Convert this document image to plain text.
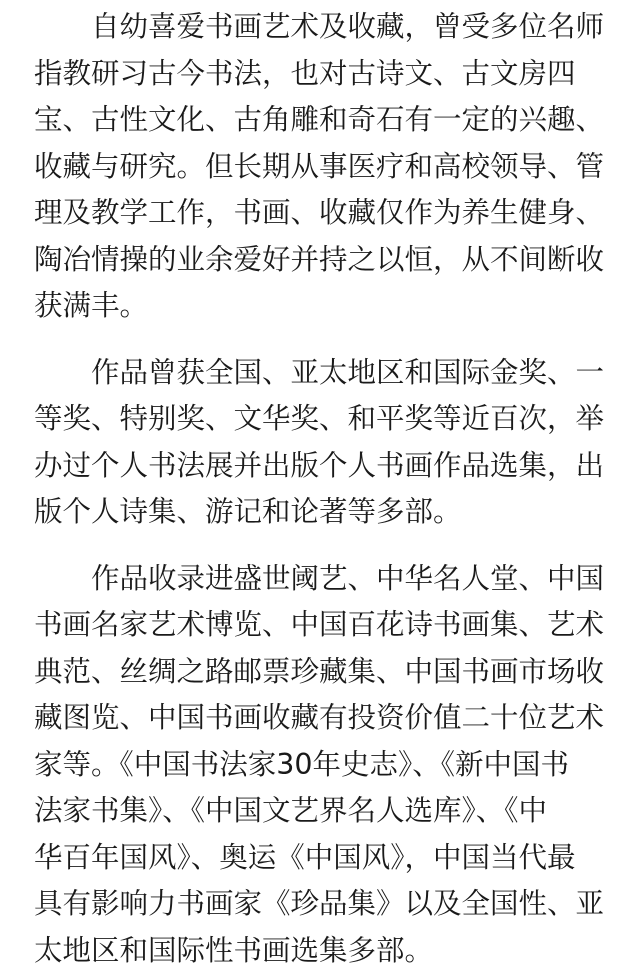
自幼喜爱书画艺术及收藏，曾受多位名师
指教研习古今书法，也对古诗文、古文房四
宝、古性文化、古角雕和奇石有一定的兴趣、
收藏与研究。但长期从事医疗和高校领导、管
理及教学工作，书画、收藏仅作为养生健身、
陶冶情操的业余爱好并持之以恒，从不间断收
获满丰。
作品曾获全国、亚太地区和国际金奖、一
等奖、特别奖、文华奖、和平奖等近百次，举
办过个人书法展并出版个人书画作品选集，出
版个人诗集、游记和论著等多部。
作品收录进盛世阈艺、中华名人堂、中国
书画名家艺术博览、中国百花诗书画集、艺术
典范、丝绸之路邮票珍藏集、中国书画市场收
藏图览、中国书画收藏有投资价值二十位艺术
家等。《中国书法家30年史志》、《新中国书
法家书集》、《中国文艺界名人选库》、《中
华百年国风》、奥运《中国风》，中国当代最
具有影响力书画家《珍品集》以及全国性、亚
太地区和国际性书画选集多部。
